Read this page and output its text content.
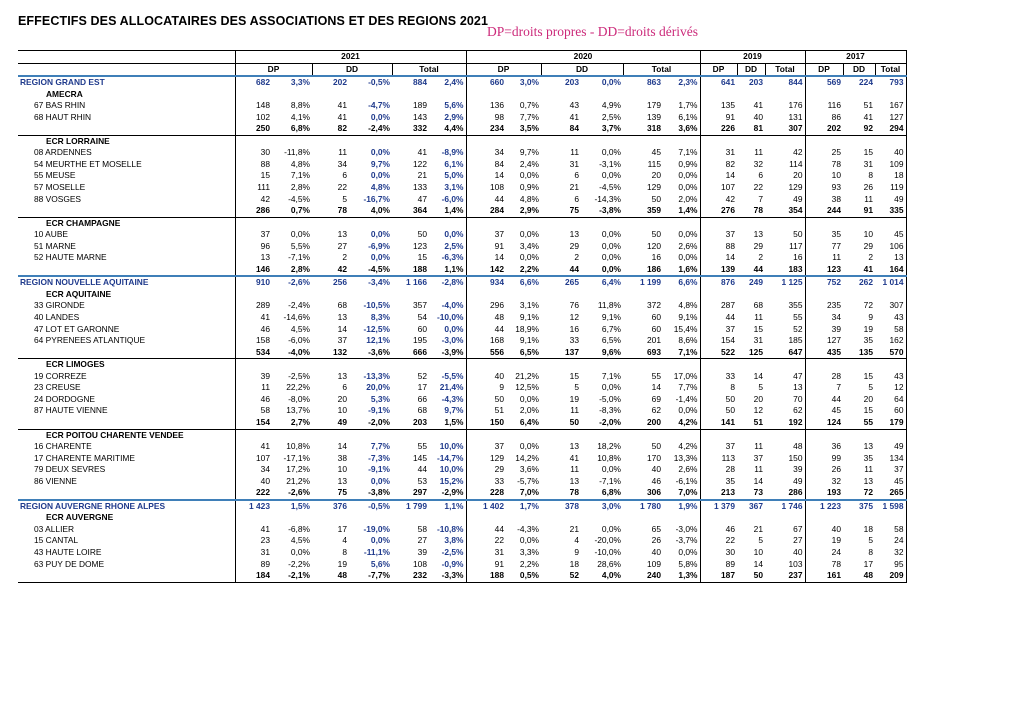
EFFECTIFS DES ALLOCATAIRES DES ASSOCIATIONS ET DES REGIONS 2021
DP=droits propres - DD=droits dérivés
	2021						2020						2019			2017		
	DP		DD		Total		DP		DD		Total		DP	DD	Total	DP	DD	Total
REGION GRAND EST	682	3,3%	202	-0,5%	884	2,4%	660	3,0%	203	0,0%	863	2,3%	641	203	844	569	224	793
AMECRA																		
67 BAS RHIN	148	8,8%	41	-4,7%	189	5,6%	136	0,7%	43	4,9%	179	1,7%	135	41	176	116	51	167
68 HAUT RHIN	102	4,1%	41	0,0%	143	2,9%	98	7,7%	41	2,5%	139	6,1%	91	40	131	86	41	127
	250	6,8%	82	-2,4%	332	4,4%	234	3,5%	84	3,7%	318	3,6%	226	81	307	202	92	294
ECR LORRAINE																		
08 ARDENNES	30	-11,8%	11	0,0%	41	-8,9%	34	9,7%	11	0,0%	45	7,1%	31	11	42	25	15	40
54 MEURTHE ET MOSELLE	88	4,8%	34	9,7%	122	6,1%	84	2,4%	31	-3,1%	115	0,9%	82	32	114	78	31	109
55 MEUSE	15	7,1%	6	0,0%	21	5,0%	14	0,0%	6	0,0%	20	0,0%	14	6	20	10	8	18
57 MOSELLE	111	2,8%	22	4,8%	133	3,1%	108	0,9%	21	-4,5%	129	0,0%	107	22	129	93	26	119
88 VOSGES	42	-4,5%	5	-16,7%	47	-6,0%	44	4,8%	6	-14,3%	50	2,0%	42	7	49	38	11	49
	286	0,7%	78	4,0%	364	1,4%	284	2,9%	75	-3,8%	359	1,4%	276	78	354	244	91	335
ECR CHAMPAGNE																		
10 AUBE	37	0,0%	13	0,0%	50	0,0%	37	0,0%	13	0,0%	50	0,0%	37	13	50	35	10	45
51 MARNE	96	5,5%	27	-6,9%	123	2,5%	91	3,4%	29	0,0%	120	2,6%	88	29	117	77	29	106
52 HAUTE MARNE	13	-7,1%	2	0,0%	15	-6,3%	14	0,0%	2	0,0%	16	0,0%	14	2	16	11	2	13
	146	2,8%	42	-4,5%	188	1,1%	142	2,2%	44	0,0%	186	1,6%	139	44	183	123	41	164
REGION NOUVELLE AQUITAINE	910	-2,6%	256	-3,4%	1 166	-2,8%	934	6,6%	265	6,4%	1 199	6,6%	876	249	1 125	752	262	1 014
ECR AQUITAINE																		
33 GIRONDE	289	-2,4%	68	-10,5%	357	-4,0%	296	3,1%	76	11,8%	372	4,8%	287	68	355	235	72	307
40 LANDES	41	-14,6%	13	8,3%	54	-10,0%	48	9,1%	12	9,1%	60	9,1%	44	11	55	34	9	43
47 LOT ET GARONNE	46	4,5%	14	-12,5%	60	0,0%	44	18,9%	16	6,7%	60	15,4%	37	15	52	39	19	58
64 PYRENEES ATLANTIQUE	158	-6,0%	37	12,1%	195	-3,0%	168	9,1%	33	6,5%	201	8,6%	154	31	185	127	35	162
	534	-4,0%	132	-3,6%	666	-3,9%	556	6,5%	137	9,6%	693	7,1%	522	125	647	435	135	570
ECR LIMOGES																		
19 CORREZE	39	-2,5%	13	-13,3%	52	-5,5%	40	21,2%	15	7,1%	55	17,0%	33	14	47	28	15	43
23 CREUSE	11	22,2%	6	20,0%	17	21,4%	9	12,5%	5	0,0%	14	7,7%	8	5	13	7	5	12
24 DORDOGNE	46	-8,0%	20	5,3%	66	-4,3%	50	0,0%	19	-5,0%	69	-1,4%	50	20	70	44	20	64
87 HAUTE VIENNE	58	13,7%	10	-9,1%	68	9,7%	51	2,0%	11	-8,3%	62	0,0%	50	12	62	45	15	60
	154	2,7%	49	-2,0%	203	1,5%	150	6,4%	50	-2,0%	200	4,2%	141	51	192	124	55	179
ECR POITOU CHARENTE VENDEE																		
16 CHARENTE	41	10,8%	14	7,7%	55	10,0%	37	0,0%	13	18,2%	50	4,2%	37	11	48	36	13	49
17 CHARENTE MARITIME	107	-17,1%	38	-7,3%	145	-14,7%	129	14,2%	41	10,8%	170	13,3%	113	37	150	99	35	134
79 DEUX SEVRES	34	17,2%	10	-9,1%	44	10,0%	29	3,6%	11	0,0%	40	2,6%	28	11	39	26	11	37
86 VIENNE	40	21,2%	13	0,0%	53	15,2%	33	-5,7%	13	-7,1%	46	-6,1%	35	14	49	32	13	45
	222	-2,6%	75	-3,8%	297	-2,9%	228	7,0%	78	6,8%	306	7,0%	213	73	286	193	72	265
REGION AUVERGNE RHONE ALPES	1 423	1,5%	376	-0,5%	1 799	1,1%	1 402	1,7%	378	3,0%	1 780	1,9%	1 379	367	1 746	1 223	375	1 598
ECR AUVERGNE																		
03 ALLIER	41	-6,8%	17	-19,0%	58	-10,8%	44	-4,3%	21	0,0%	65	-3,0%	46	21	67	40	18	58
15 CANTAL	23	4,5%	4	0,0%	27	3,8%	22	0,0%	4	-20,0%	26	-3,7%	22	5	27	19	5	24
43 HAUTE LOIRE	31	0,0%	8	-11,1%	39	-2,5%	31	3,3%	9	-10,0%	40	0,0%	30	10	40	24	8	32
63 PUY DE DOME	89	-2,2%	19	5,6%	108	-0,9%	91	2,2%	18	28,6%	109	5,8%	89	14	103	78	17	95
	184	-2,1%	48	-7,7%	232	-3,3%	188	0,5%	52	4,0%	240	1,3%	187	50	237	161	48	209
